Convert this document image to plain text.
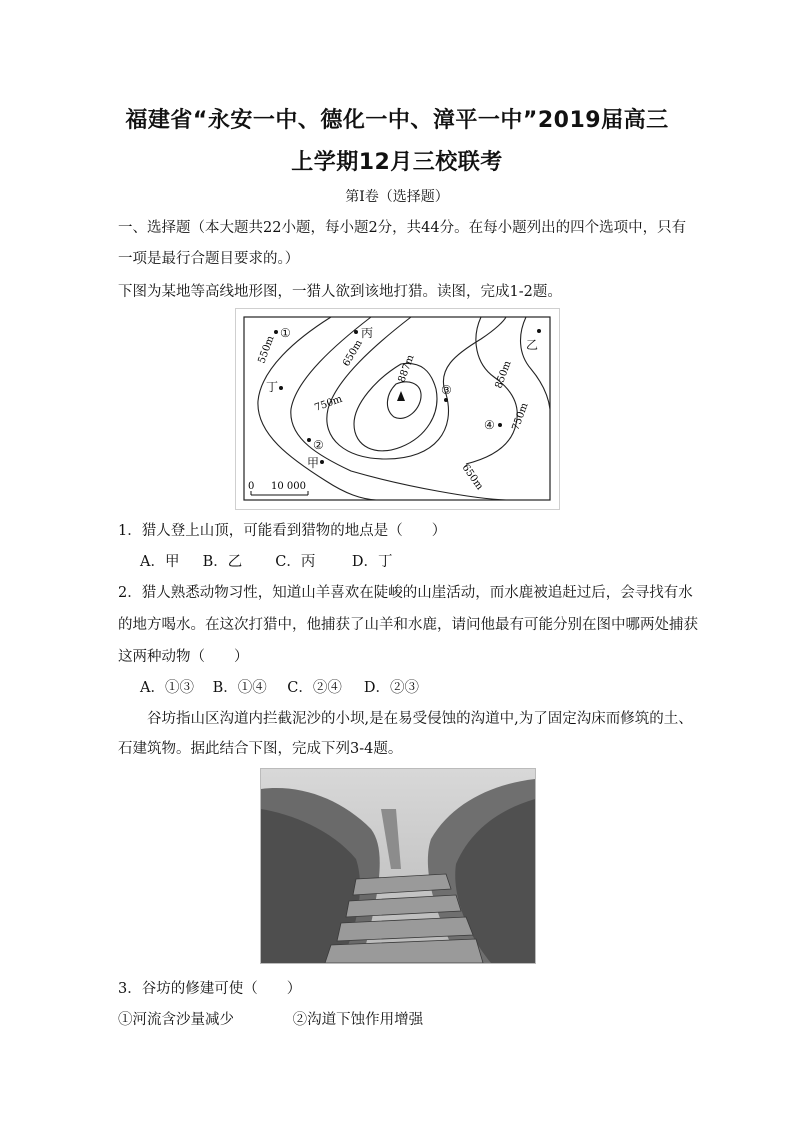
福建省“永安一中、德化一中、漳平一中”2019届高三
上学期12月三校联考
第Ⅰ卷（选择题）
一、选择题（本大题共22小题，每小题2分，共44分。在每小题列出的四个选项中，只有
一项是最行合题目要求的。）
下图为某地等高线地形图，一猎人欲到该地打猎。读图，完成1-2题。
550m	650m
750m
887m	850m
750m
650m
①	丙
乙
丁	③
④
②
甲
0 10 000
1．猎人登上山顶，可能看到猎物的地点是（　　）
A．甲 B．乙 C．丙	D．丁
2．猎人熟悉动物习性，知道山羊喜欢在陡峻的山崖活动，而水鹿被追赶过后，会寻找有水
的地方喝水。在这次打猎中，他捕获了山羊和水鹿，请问他最有可能分别在图中哪两处捕获
这两种动物（　　）
A．①③ B．①④ C．②④ D．②③
谷坊指山区沟道内拦截泥沙的小坝,是在易受侵蚀的沟道中,为了固定沟床而修筑的土、
石建筑物。据此结合下图，完成下列3-4题。
3．谷坊的修建可使（　　）
①河流含沙量减少	②沟道下蚀作用增强
